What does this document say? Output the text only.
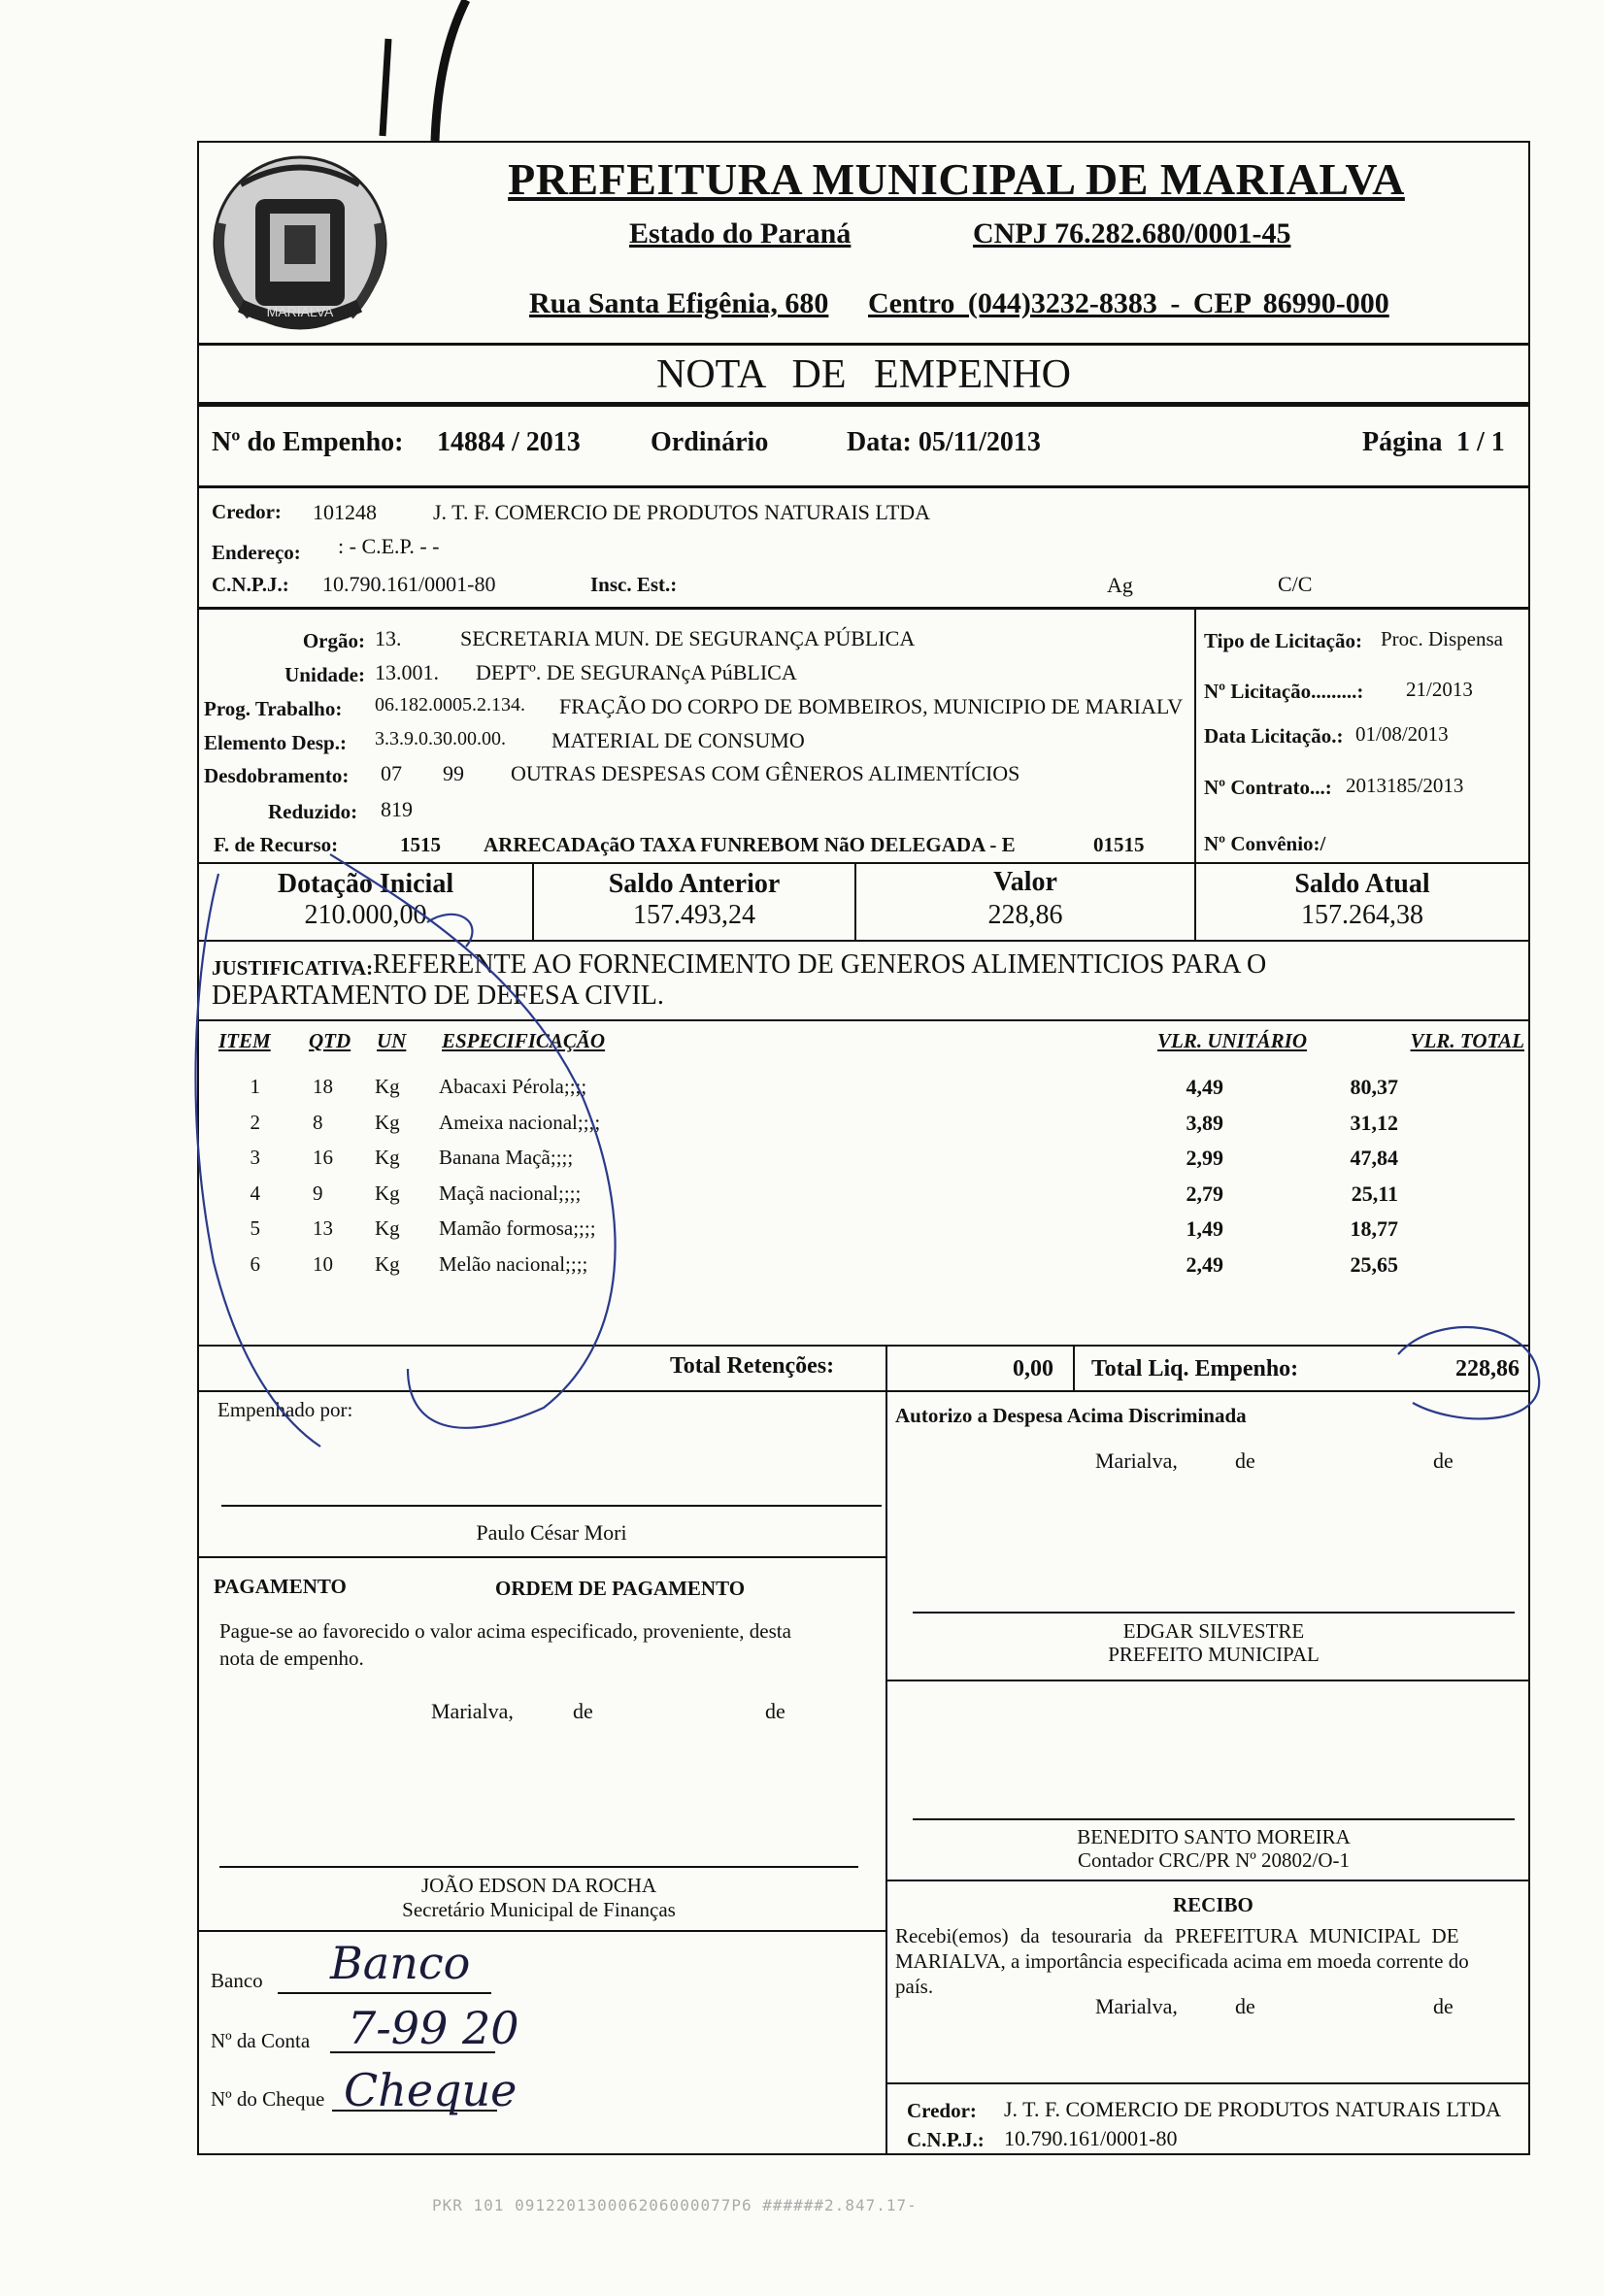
MARIALVA
PREFEITURA MUNICIPAL DE MARIALVA
Estado do Paraná	CNPJ 76.282.680/0001-45
Rua Santa Efigênia, 680 Centro (044)3232-8383 - CEP 86990-000
NOTA DE EMPENHO
Nº do Empenho: 14884 / 2013	Ordinário	Data: 05/11/2013	Página 1 / 1
Credor: 101248	J. T. F. COMERCIO DE PRODUTOS NATURAIS LTDA
Endereço: : - C.E.P. - -
C.N.P.J.: 10.790.161/0001-80	Insc. Est.:	Ag	C/C
Orgão: 13.	SECRETARIA MUN. DE SEGURANÇA PÚBLICA
Unidade: 13.001. DEPTº. DE SEGURANçA PúBLICA
Prog. Trabalho: 06.182.0005.2.134. FRAÇÃO DO CORPO DE BOMBEIROS, MUNICIPIO DE MARIALV
Elemento Desp.: 3.3.9.0.30.00.00. MATERIAL DE CONSUMO
Desdobramento: 07 99 OUTRAS DESPESAS COM GÊNEROS ALIMENTÍCIOS
Reduzido: 819
F. de Recurso:	1515 ARRECADAçãO TAXA FUNREBOM NãO DELEGADA - E	01515
Tipo de Licitação: Proc. Dispensa
Nº Licitação.........: 21/2013
Data Licitação.: 01/08/2013
Nº Contrato...: 2013185/2013
Nº Convênio:/
Dotação Inicial
210.000,00
Saldo Anterior
157.493,24
Valor
228,86
Saldo Atual
157.264,38
JUSTIFICATIVA: REFERENTE AO FORNECIMENTO DE GENEROS ALIMENTICIOS PARA O
DEPARTAMENTO DE DEFESA CIVIL.
ITEM QTD UN ESPECIFICAÇÃO	VLR. UNITÁRIO	VLR. TOTAL
1	18	Kg	Abacaxi Pérola;;;;	4,49	80,37
2	8	Kg	Ameixa nacional;;;;	3,89	31,12
3	16	Kg	Banana Maçã;;;;	2,99	47,84
4	9	Kg	Maçã nacional;;;;	2,79	25,11
5	13	Kg	Mamão formosa;;;;	1,49	18,77
6	10	Kg	Melão nacional;;;;	2,49	25,65
Total Retenções:	0,00 Total Liq. Empenho:	228,86
Empenhado por:	Autorizo a Despesa Acima Discriminada
Marialva,	de	de
Paulo César Mori
PAGAMENTO	ORDEM DE PAGAMENTO
Pague-se ao favorecido o valor acima especificado, proveniente, desta
nota de empenho.
Marialva,	de	de
EDGAR SILVESTRE
PREFEITO MUNICIPAL
BENEDITO SANTO MOREIRA
Contador CRC/PR Nº 20802/O-1
JOÃO EDSON DA ROCHA
Secretário Municipal de Finanças	RECIBO
Recebi(emos) da tesouraria da PREFEITURA MUNICIPAL DE
MARIALVA, a importância especificada acima em moeda corrente do
país.
Marialva,	de	de
Banco Banco
Nº da Conta 7-99 20
Nº do Cheque Cheque	Credor: J. T. F. COMERCIO DE PRODUTOS NATURAIS LTDA
C.N.P.J.: 10.790.161/0001-80
PKR 101 091220130006206000077P6 ######2.847.17-
